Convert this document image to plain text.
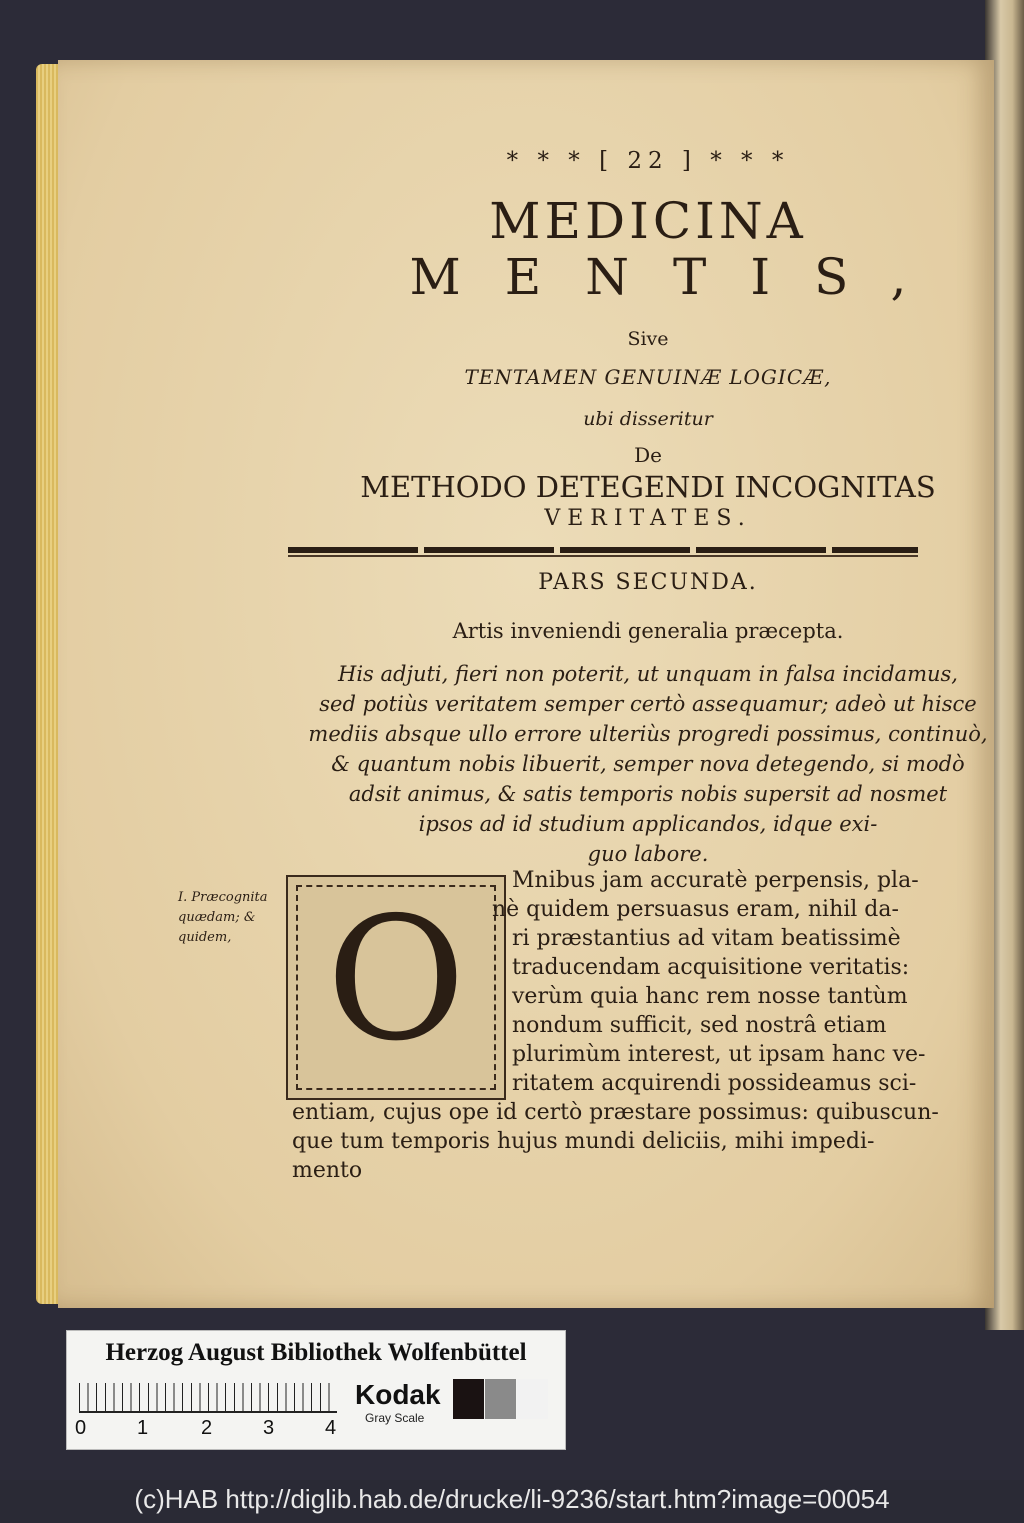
* * * [ 22 ] * * *
MEDICINA
MENTIS,
Sive
TENTAMEN GENUINÆ LOGICÆ,
ubi disseritur
De
METHODO DETEGENDI INCOGNITAS
VERITATES.
PARS SECUNDA.
Artis inveniendi generalia præcepta.
His adjuti, fieri non poterit, ut unquam in falsa incidamus,
sed potiùs veritatem semper certò assequamur; adeò ut hisce
mediis absque ullo errore ulteriùs progredi possimus, continuò,
& quantum nobis libuerit, semper nova detegendo, si modò
adsit animus, & satis temporis nobis supersit ad nosmet
ipsos ad id studium applicandos, idque exi-
guo labore.
I. Præcognita
quædam; &
quidem, O
Mnibus jam accuratè perpensis, pla-
nè quidem persuasus eram, nihil da-
ri præstantius ad vitam beatissimè
traducendam acquisitione veritatis:
verùm quia hanc rem nosse tantùm
nondum sufficit, sed nostrâ etiam
plurimùm interest, ut ipsam hanc ve-
ritatem acquirendi possideamus sci-
entiam, cujus ope id certò præstare possimus: quibuscun-
que tum temporis hujus mundi deliciis, mihi impedi-
mento
Herzog August Bibliothek Wolfenbüttel
0	1	2	3	4
Kodak
Gray Scale
(c)HAB http://diglib.hab.de/drucke/li-9236/start.htm?image=00054
